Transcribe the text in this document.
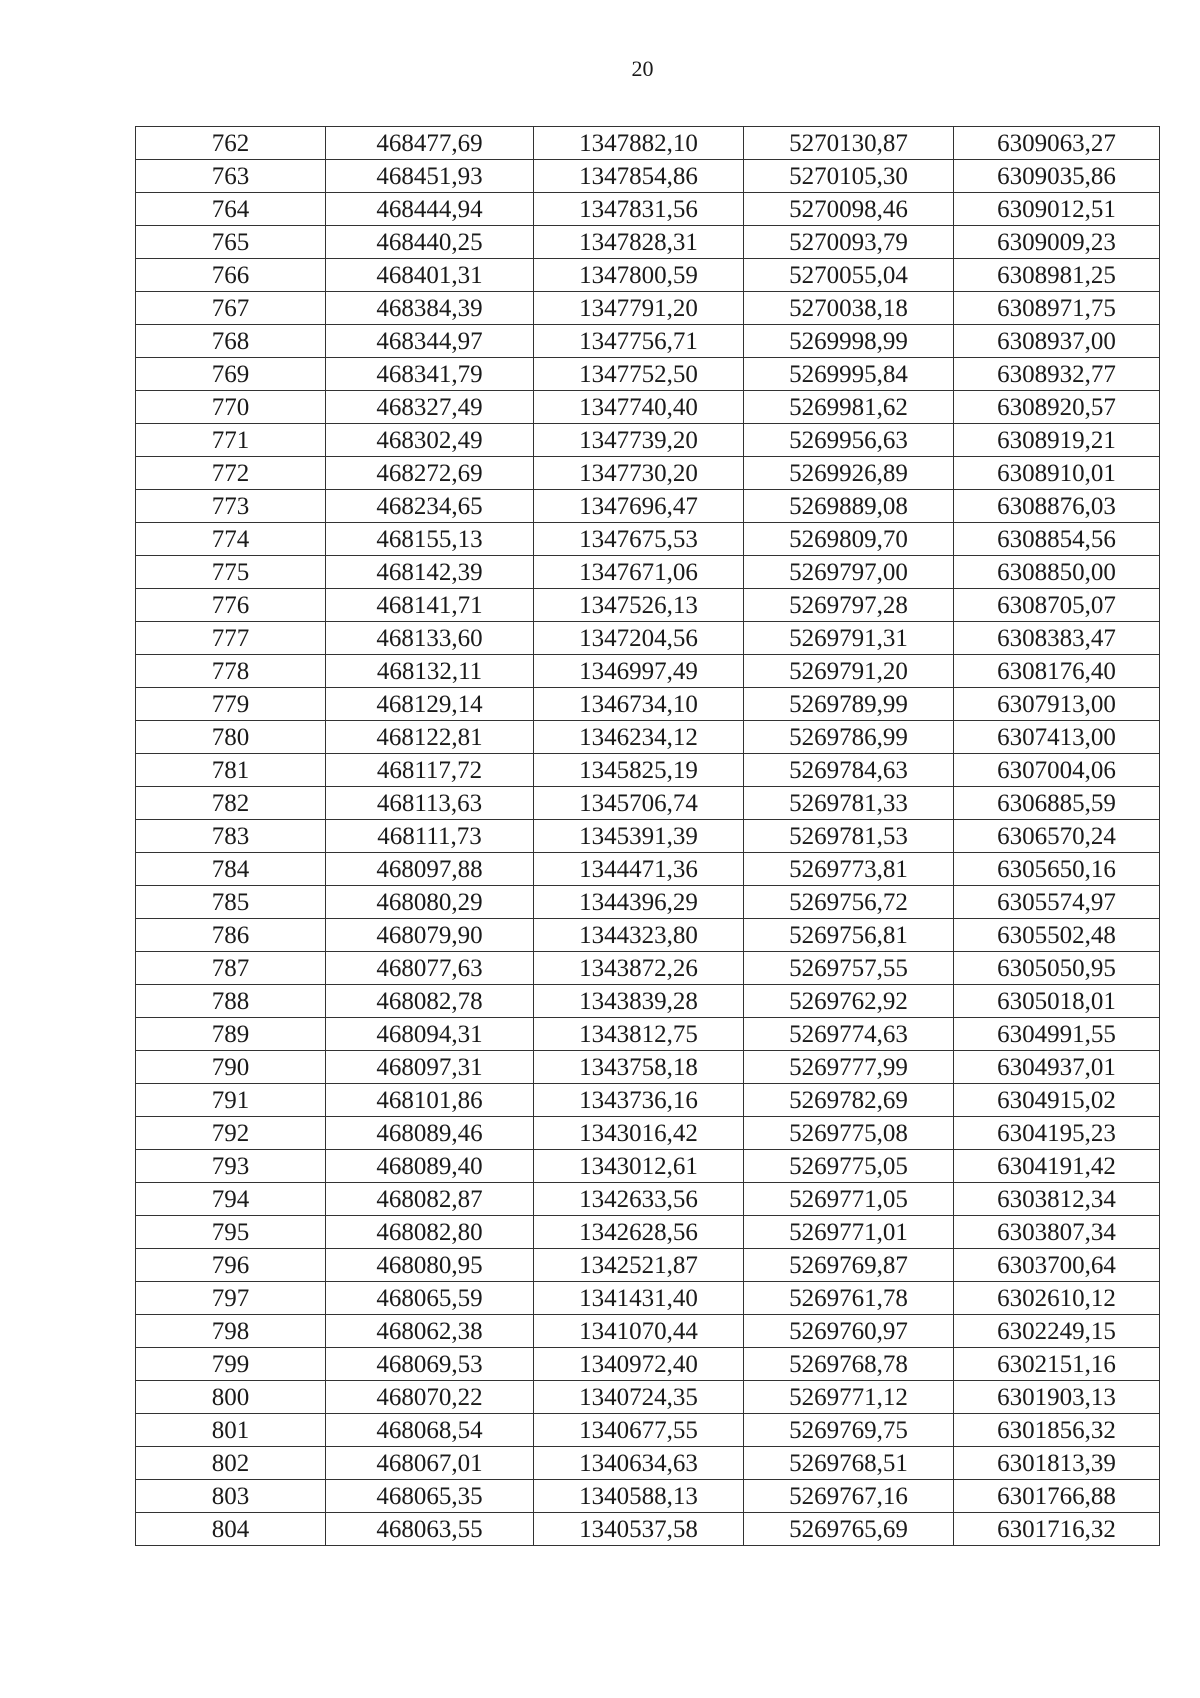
20
762	468477,69	1347882,10	5270130,87	6309063,27
763	468451,93	1347854,86	5270105,30	6309035,86
764	468444,94	1347831,56	5270098,46	6309012,51
765	468440,25	1347828,31	5270093,79	6309009,23
766	468401,31	1347800,59	5270055,04	6308981,25
767	468384,39	1347791,20	5270038,18	6308971,75
768	468344,97	1347756,71	5269998,99	6308937,00
769	468341,79	1347752,50	5269995,84	6308932,77
770	468327,49	1347740,40	5269981,62	6308920,57
771	468302,49	1347739,20	5269956,63	6308919,21
772	468272,69	1347730,20	5269926,89	6308910,01
773	468234,65	1347696,47	5269889,08	6308876,03
774	468155,13	1347675,53	5269809,70	6308854,56
775	468142,39	1347671,06	5269797,00	6308850,00
776	468141,71	1347526,13	5269797,28	6308705,07
777	468133,60	1347204,56	5269791,31	6308383,47
778	468132,11	1346997,49	5269791,20	6308176,40
779	468129,14	1346734,10	5269789,99	6307913,00
780	468122,81	1346234,12	5269786,99	6307413,00
781	468117,72	1345825,19	5269784,63	6307004,06
782	468113,63	1345706,74	5269781,33	6306885,59
783	468111,73	1345391,39	5269781,53	6306570,24
784	468097,88	1344471,36	5269773,81	6305650,16
785	468080,29	1344396,29	5269756,72	6305574,97
786	468079,90	1344323,80	5269756,81	6305502,48
787	468077,63	1343872,26	5269757,55	6305050,95
788	468082,78	1343839,28	5269762,92	6305018,01
789	468094,31	1343812,75	5269774,63	6304991,55
790	468097,31	1343758,18	5269777,99	6304937,01
791	468101,86	1343736,16	5269782,69	6304915,02
792	468089,46	1343016,42	5269775,08	6304195,23
793	468089,40	1343012,61	5269775,05	6304191,42
794	468082,87	1342633,56	5269771,05	6303812,34
795	468082,80	1342628,56	5269771,01	6303807,34
796	468080,95	1342521,87	5269769,87	6303700,64
797	468065,59	1341431,40	5269761,78	6302610,12
798	468062,38	1341070,44	5269760,97	6302249,15
799	468069,53	1340972,40	5269768,78	6302151,16
800	468070,22	1340724,35	5269771,12	6301903,13
801	468068,54	1340677,55	5269769,75	6301856,32
802	468067,01	1340634,63	5269768,51	6301813,39
803	468065,35	1340588,13	5269767,16	6301766,88
804	468063,55	1340537,58	5269765,69	6301716,32
